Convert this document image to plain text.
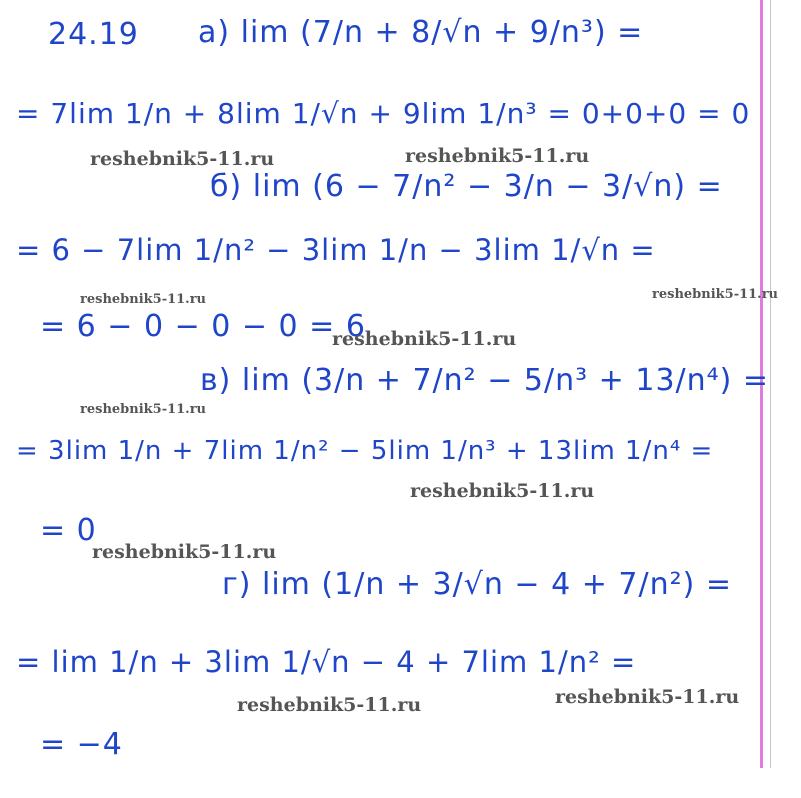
24.19 а) lim (7/n + 8/√n + 9/n³) =
= 7lim 1/n + 8lim 1/√n + 9lim 1/n³ = 0+0+0 = 0
б) lim (6 − 7/n² − 3/n − 3/√n) =
= 6 − 7lim 1/n² − 3lim 1/n − 3lim 1/√n =
= 6 − 0 − 0 − 0 = 6
в) lim (3/n + 7/n² − 5/n³ + 13/n⁴) =
= 3lim 1/n + 7lim 1/n² − 5lim 1/n³ + 13lim 1/n⁴ =
= 0
г) lim (1/n + 3/√n − 4 + 7/n²) =
= lim 1/n + 3lim 1/√n − 4 + 7lim 1/n² =
= −4
reshebnik5-11.ru	reshebnik5-11.ru
reshebnik5-11.ru	reshebnik5-11.ru
reshebnik5-11.ru
reshebnik5-11.ru
reshebnik5-11.ru
reshebnik5-11.ru
reshebnik5-11.ru	reshebnik5-11.ru
